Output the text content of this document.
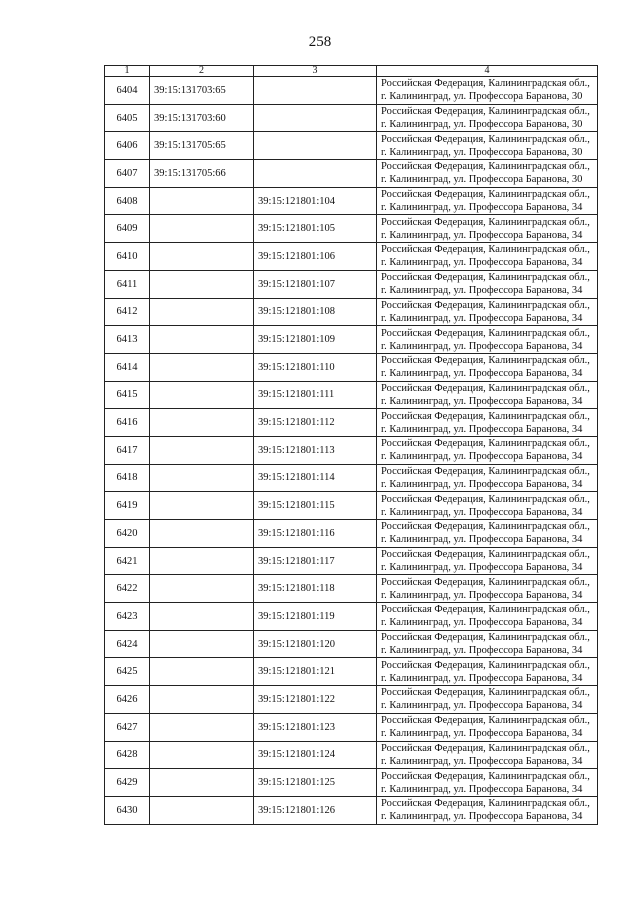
258
1	2	3	4
6404	39:15:131703:65		Российская Федерация, Калининградская обл.,
г. Калининград, ул. Профессора Баранова, 30

6405	39:15:131703:60		Российская Федерация, Калининградская обл.,
г. Калининград, ул. Профессора Баранова, 30

6406	39:15:131705:65		Российская Федерация, Калининградская обл.,
г. Калининград, ул. Профессора Баранова, 30

6407	39:15:131705:66		Российская Федерация, Калининградская обл.,
г. Калининград, ул. Профессора Баранова, 30

6408		39:15:121801:104	Российская Федерация, Калининградская обл.,
г. Калининград, ул. Профессора Баранова, 34

6409		39:15:121801:105	Российская Федерация, Калининградская обл.,
г. Калининград, ул. Профессора Баранова, 34

6410		39:15:121801:106	Российская Федерация, Калининградская обл.,
г. Калининград, ул. Профессора Баранова, 34

6411		39:15:121801:107	Российская Федерация, Калининградская обл.,
г. Калининград, ул. Профессора Баранова, 34

6412		39:15:121801:108	Российская Федерация, Калининградская обл.,
г. Калининград, ул. Профессора Баранова, 34

6413		39:15:121801:109	Российская Федерация, Калининградская обл.,
г. Калининград, ул. Профессора Баранова, 34

6414		39:15:121801:110	Российская Федерация, Калининградская обл.,
г. Калининград, ул. Профессора Баранова, 34

6415		39:15:121801:111	Российская Федерация, Калининградская обл.,
г. Калининград, ул. Профессора Баранова, 34

6416		39:15:121801:112	Российская Федерация, Калининградская обл.,
г. Калининград, ул. Профессора Баранова, 34

6417		39:15:121801:113	Российская Федерация, Калининградская обл.,
г. Калининград, ул. Профессора Баранова, 34

6418		39:15:121801:114	Российская Федерация, Калининградская обл.,
г. Калининград, ул. Профессора Баранова, 34

6419		39:15:121801:115	Российская Федерация, Калининградская обл.,
г. Калининград, ул. Профессора Баранова, 34

6420		39:15:121801:116	Российская Федерация, Калининградская обл.,
г. Калининград, ул. Профессора Баранова, 34

6421		39:15:121801:117	Российская Федерация, Калининградская обл.,
г. Калининград, ул. Профессора Баранова, 34

6422		39:15:121801:118	Российская Федерация, Калининградская обл.,
г. Калининград, ул. Профессора Баранова, 34

6423		39:15:121801:119	Российская Федерация, Калининградская обл.,
г. Калининград, ул. Профессора Баранова, 34

6424		39:15:121801:120	Российская Федерация, Калининградская обл.,
г. Калининград, ул. Профессора Баранова, 34

6425		39:15:121801:121	Российская Федерация, Калининградская обл.,
г. Калининград, ул. Профессора Баранова, 34

6426		39:15:121801:122	Российская Федерация, Калининградская обл.,
г. Калининград, ул. Профессора Баранова, 34

6427		39:15:121801:123	Российская Федерация, Калининградская обл.,
г. Калининград, ул. Профессора Баранова, 34

6428		39:15:121801:124	Российская Федерация, Калининградская обл.,
г. Калининград, ул. Профессора Баранова, 34

6429		39:15:121801:125	Российская Федерация, Калининградская обл.,
г. Калининград, ул. Профессора Баранова, 34

6430		39:15:121801:126	Российская Федерация, Калининградская обл.,
г. Калининград, ул. Профессора Баранова, 34
